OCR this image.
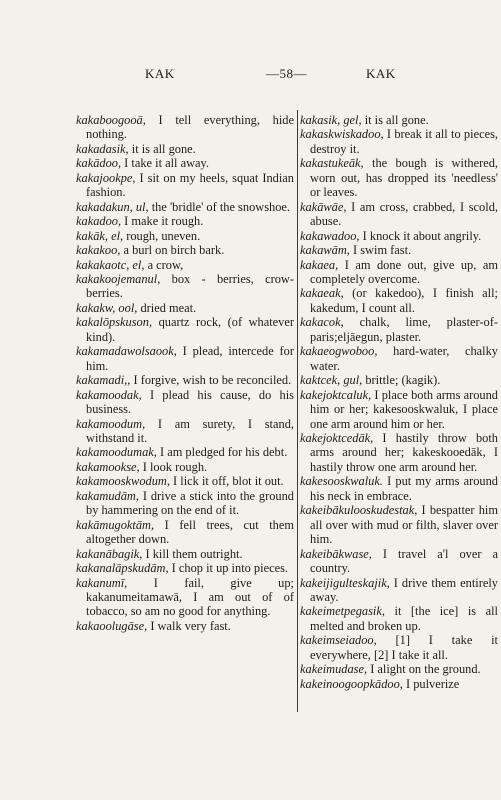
KAK	—58—	KAK

kakaboogooā, I tell everything, hide nothing.

kakadasik, it is all gone.

kakādoo, I take it all away.

kakajookpe, I sit on my heels, squat Indian fashion.

kakadakun, ul, the 'bridle' of the snowshoe.

kakadoo, I make it rough.

kakāk, el, rough, uneven.

kakakoo, a burl on birch bark.

kakakaotc, el, a crow,

kakakoojemanul, box - berries, crow-berries.

kakakw, ool, dried meat.

kakalōpskuson, quartz rock, (of whatever kind).

kakamadawolsaook, I plead, intercede for him.

kakamadi,, I forgive, wish to be reconciled.

kakamoodak, I plead his cause, do his business.

kakamoodum, I am surety, I stand, withstand it.

kakamoodumak, I am pledged for his debt.

kakamookse, I look rough.

kakamooskwodum, I lick it off, blot it out.

kakamudām, I drive a stick into the ground by hammering on the end of it.

kakāmugoktām, I fell trees, cut them altogether down.

kakanābagik, I kill them outright.

kakanalāpskudām, I chop it up into pieces.

kakanumī, I fail, give up; kakanumeitamawā, I am out of of tobacco, so am no good for anything.

kakaoolugāse, I walk very fast.

kakasik, gel, it is all gone.

kakaskwiskadoo, I break it all to pieces, destroy it.

kakastukeāk, the bough is withered, worn out, has dropped its 'needless' or leaves.

kakāwāe, I am cross, crabbed, I scold, abuse.

kakawadoo, I knock it about angrily.

kakawām, I swim fast.

kakaea, I am done out, give up, am completely overcome.

kakaeak, (or kakedoo), I finish all; kakedum, I count all.

kakacok, chalk, lime, plaster-of-paris;eljāegun, plaster.

kakaeogwoboo, hard-water, chalky water.

kaktcek, gul, brittle; (kagik).

kakejoktcaluk, I place both arms around him or her; kakesooskwaluk, I place one arm around him or her.

kakejoktcedāk, I hastily throw both arms around her; kakeskooedāk, I hastily throw one arm around her.

kakesooskwaluk. I put my arms around his neck in embrace.

kakeibākulooskudestak, I bespatter him all over with mud or filth, slaver over him.

kakeibākwase, I travel a'l over a country.

kakeijigulteskajik, I drive them entirely away.

kakeimetpegasik, it [the ice] is all melted and broken up.

kakeimseiadoo, [1] I take it everywhere, [2] I take it all.

kakeimudase, I alight on the ground.

kakeinoogoopkādoo, I pulverize
